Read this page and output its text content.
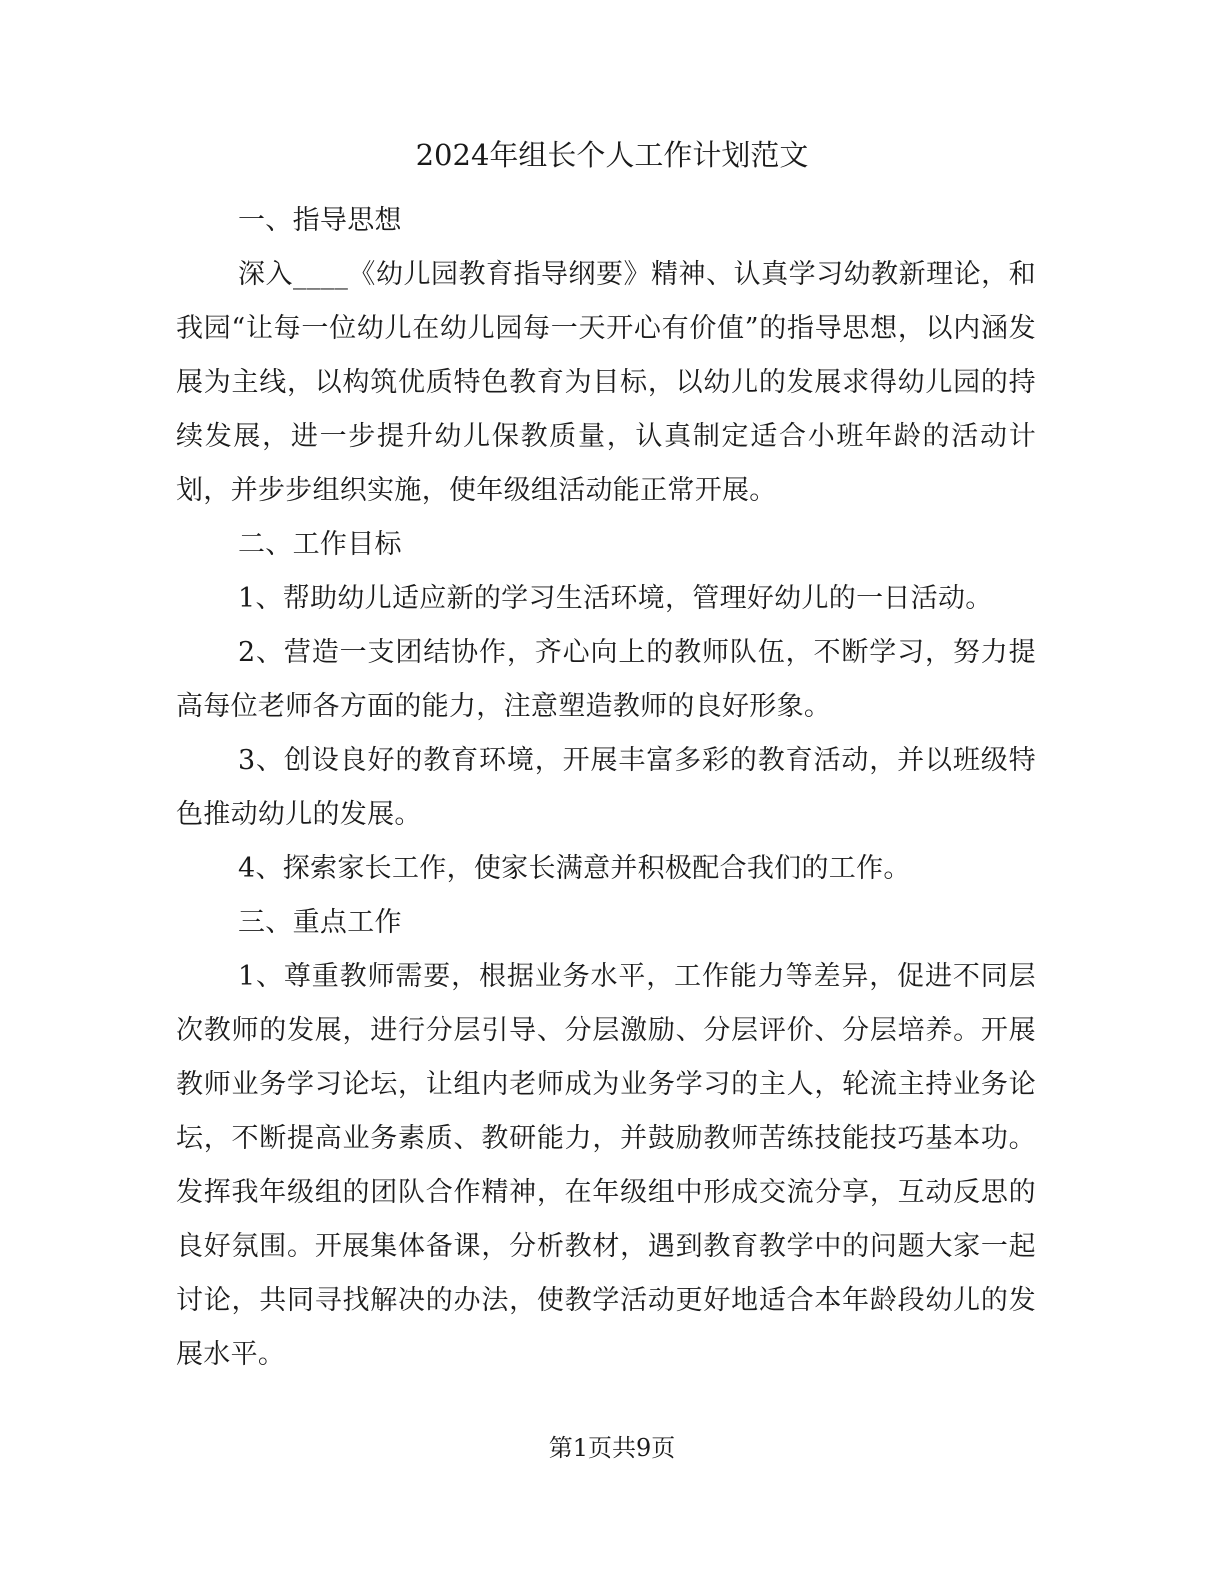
2024年组长个人工作计划范文

一、指导思想

深入____《幼儿园教育指导纲要》精神、认真学习幼教新理论，和我园“让每一位幼儿在幼儿园每一天开心有价值”的指导思想，以内涵发展为主线，以构筑优质特色教育为目标，以幼儿的发展求得幼儿园的持续发展，进一步提升幼儿保教质量，认真制定适合小班年龄的活动计划，并步步组织实施，使年级组活动能正常开展。

二、工作目标

1、帮助幼儿适应新的学习生活环境，管理好幼儿的一日活动。

2、营造一支团结协作，齐心向上的教师队伍，不断学习，努力提高每位老师各方面的能力，注意塑造教师的良好形象。

3、创设良好的教育环境，开展丰富多彩的教育活动，并以班级特色推动幼儿的发展。

4、探索家长工作，使家长满意并积极配合我们的工作。

三、重点工作

1、尊重教师需要，根据业务水平，工作能力等差异，促进不同层次教师的发展，进行分层引导、分层激励、分层评价、分层培养。开展教师业务学习论坛，让组内老师成为业务学习的主人，轮流主持业务论坛，不断提高业务素质、教研能力，并鼓励教师苦练技能技巧基本功。发挥我年级组的团队合作精神，在年级组中形成交流分享，互动反思的良好氛围。开展集体备课，分析教材，遇到教育教学中的问题大家一起讨论，共同寻找解决的办法，使教学活动更好地适合本年龄段幼儿的发展水平。

第1页共9页
